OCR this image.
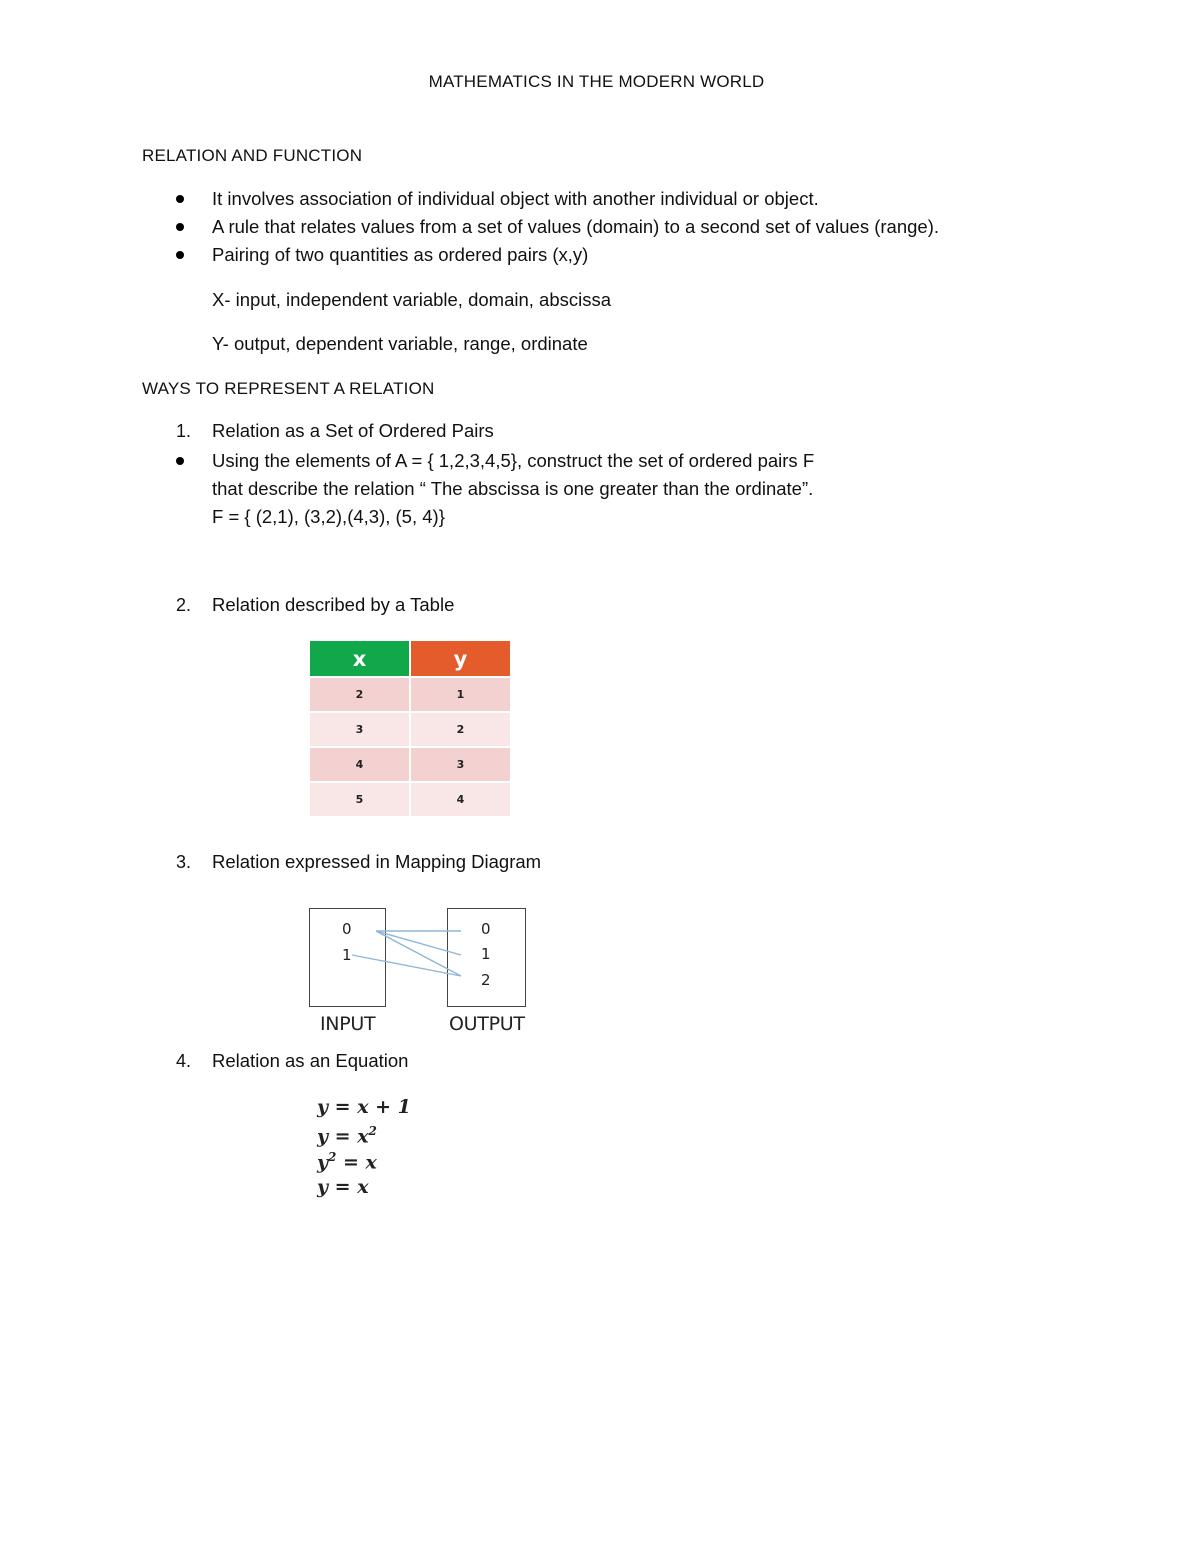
MATHEMATICS IN THE MODERN WORLD
RELATION AND FUNCTION
It involves association of individual object with another individual or object.
A rule that relates values from a set of values (domain) to a second set of values (range).
Pairing of two quantities as ordered pairs (x,y)
X- input, independent variable, domain, abscissa
Y- output, dependent variable, range, ordinate
WAYS TO REPRESENT A RELATION
1. Relation as a Set of Ordered Pairs
Using the elements of A = { 1,2,3,4,5}, construct the set of ordered pairs F
that describe the relation “ The abscissa is one greater than the ordinate”.
F = { (2,1), (3,2),(4,3), (5, 4)}
2. Relation described by a Table
x	y
2	1
3	2
4	3
5	4
3. Relation expressed in Mapping Diagram
0
1
0
1
2
INPUT	OUTPUT
4. Relation as an Equation
y = x + 1
$y = x^2$
$y^2 = x$
y = x
